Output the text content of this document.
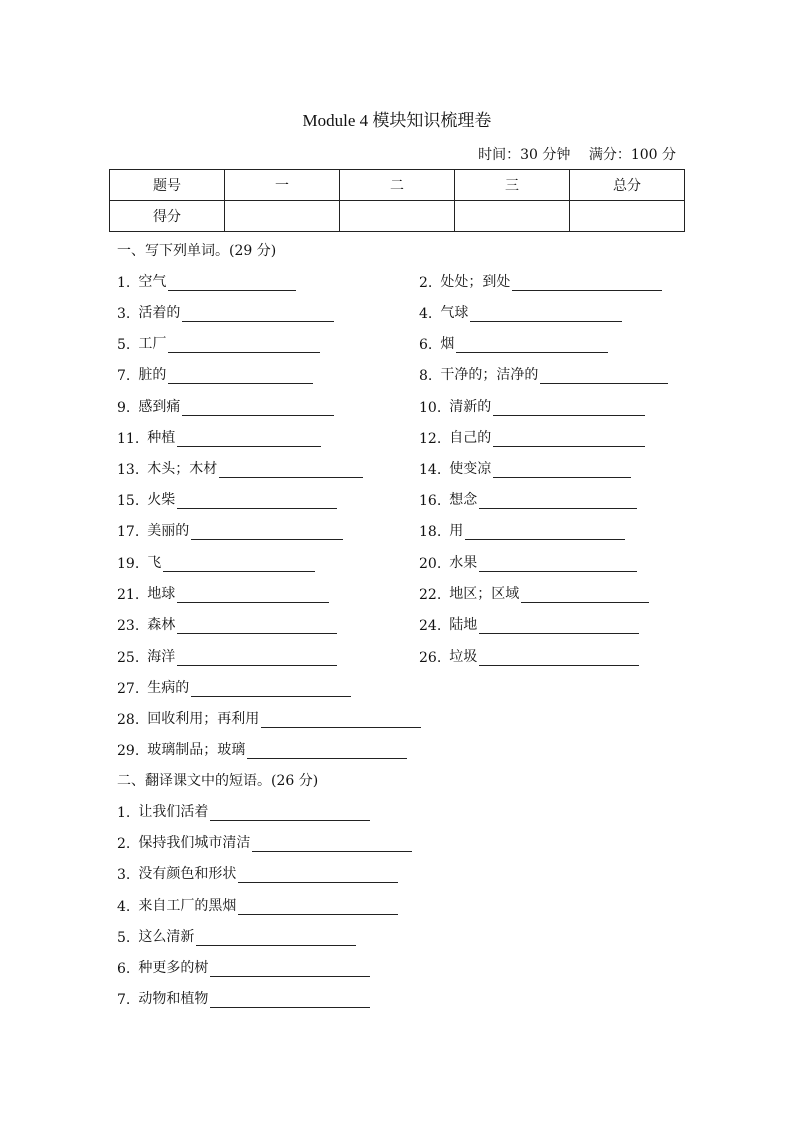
Module 4 模块知识梳理卷
时间：30 分钟 满分：100 分
题号	一	二	三	总分
得分				
一、写下列单词。(29 分)
1. 空气	2. 处处；到处
3. 活着的	4. 气球
5. 工厂	6. 烟
7. 脏的	8. 干净的；洁净的
9. 感到痛	10. 清新的
11. 种植	12. 自己的
13. 木头；木材	14. 使变凉
15. 火柴	16. 想念
17. 美丽的	18. 用
19. 飞	20. 水果
21. 地球	22. 地区；区域
23. 森林	24. 陆地
25. 海洋	26. 垃圾
27. 生病的
28. 回收利用；再利用
29. 玻璃制品；玻璃
二、翻译课文中的短语。(26 分)
1. 让我们活着
2. 保持我们城市清洁
3. 没有颜色和形状
4. 来自工厂的黑烟
5. 这么清新
6. 种更多的树
7. 动物和植物
